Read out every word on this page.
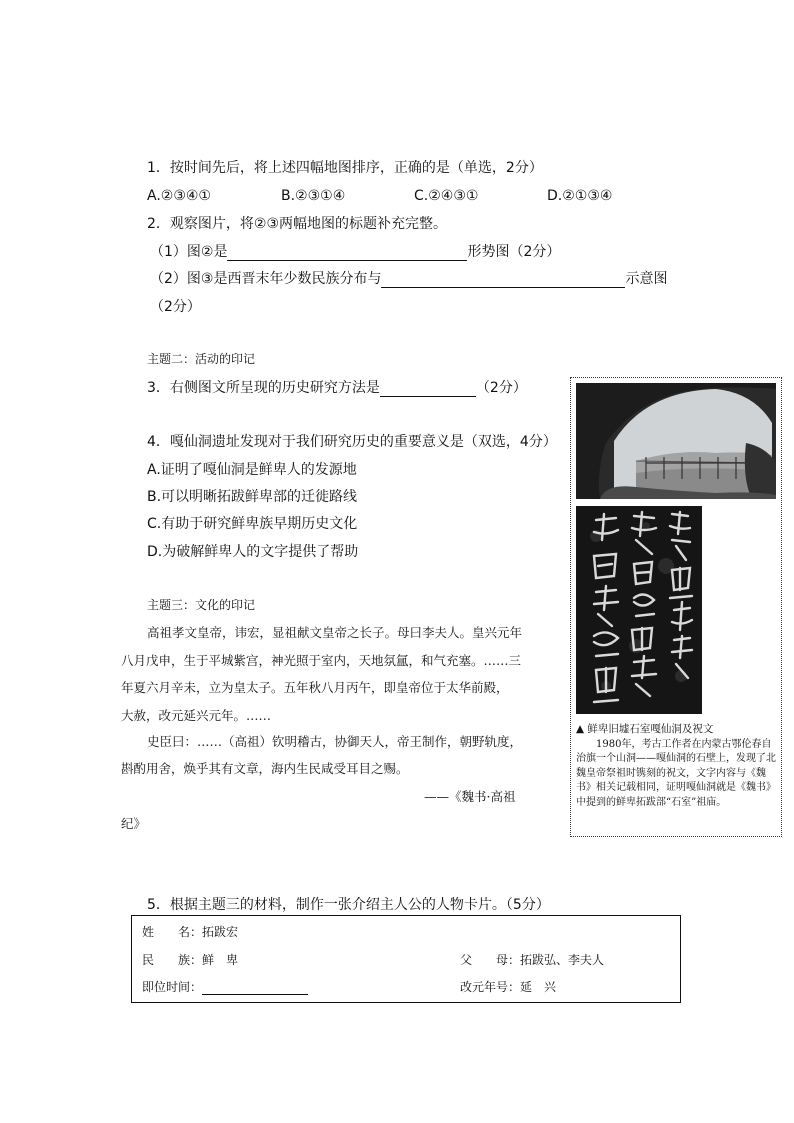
1．按时间先后，将上述四幅地图排序，正确的是（单选，2分）
A.②③④①	B.②③①④	C.②④③①	D.②①③④
2．观察图片，将②③两幅地图的标题补充完整。
（1）图②是	形势图（2分）
（2）图③是西晋末年少数民族分布与	示意图
（2分）
主题二：活动的印记
3．右侧图文所呈现的历史研究方法是	（2分）
4．嘎仙洞遗址发现对于我们研究历史的重要意义是（双选，4分）
A.证明了嘎仙洞是鲜卑人的发源地
B.可以明晰拓跋鲜卑部的迁徙路线
C.有助于研究鲜卑族早期历史文化
D.为破解鲜卑人的文字提供了帮助
主题三：文化的印记
高祖孝文皇帝，讳宏，显祖献文皇帝之长子。母曰李夫人。皇兴元年
八月戊申，生于平城紫宫，神光照于室内，天地氛氲，和气充塞。……三
年夏六月辛未，立为皇太子。五年秋八月丙午，即皇帝位于太华前殿，
大赦，改元延兴元年。……
史臣曰：……（高祖）钦明稽古，协御天人，帝王制作，朝野轨度，
斟酌用舍，焕乎其有文章，海内生民咸受耳目之赐。
——《魏书·高祖
纪》
▲ 鲜卑旧墟石室嘎仙洞及祝文
1980年，考古工作者在内蒙古鄂伦春自治旗一个山洞——嘎仙洞的石壁上，发现了北魏皇帝祭祖时镌刻的祝文，文字内容与《魏书》相关记载相同，证明嘎仙洞就是《魏书》中提到的鲜卑拓跋部“石室”祖庙。
5．根据主题三的材料，制作一张介绍主人公的人物卡片。（5分）
姓　　名：拓跋宏
民　　族：鲜　卑	父　　母：拓跋弘、李夫人
即位时间：	改元年号：延　兴
